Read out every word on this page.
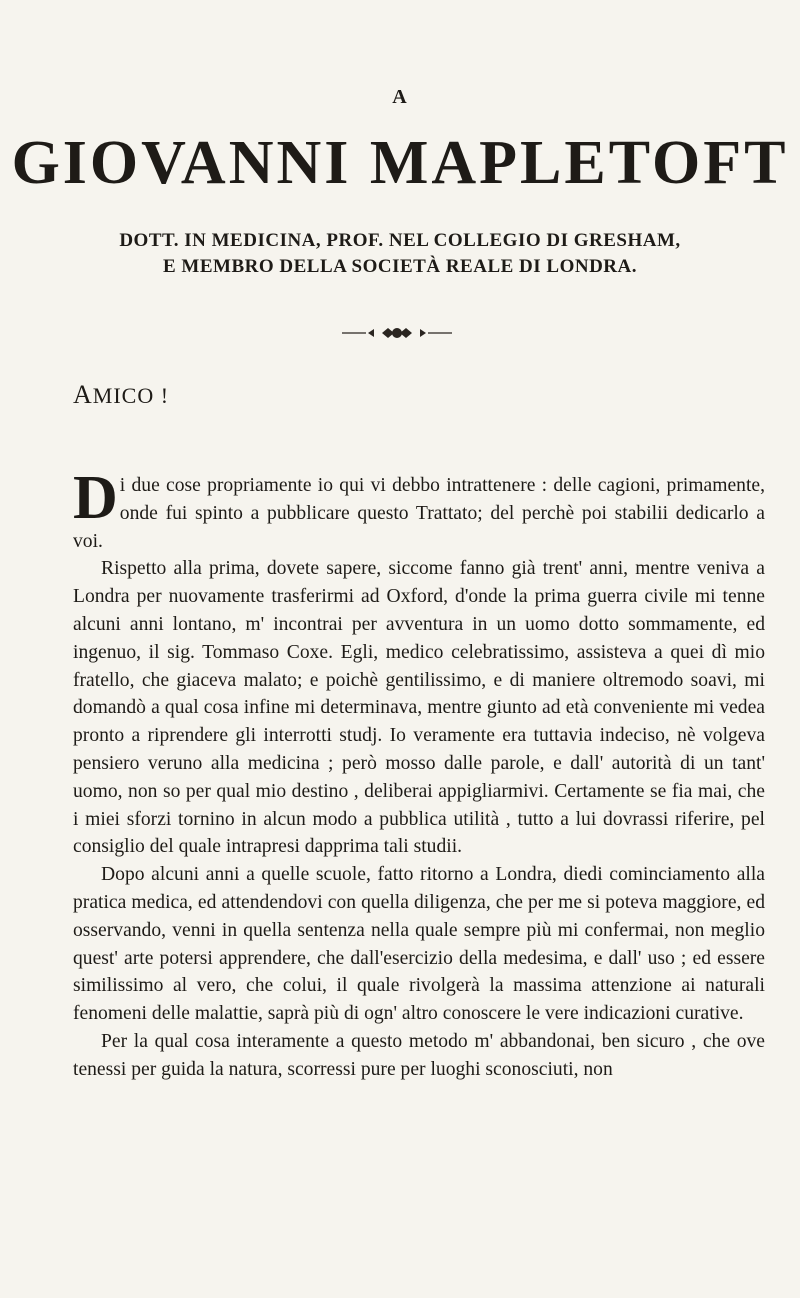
A
GIOVANNI MAPLETOFT
DOTT. IN MEDICINA, PROF. NEL COLLEGIO DI GRESHAM,
E MEMBRO DELLA SOCIETÀ REALE DI LONDRA.
AMICO !

Di due cose propriamente io qui vi debbo intrattenere : delle cagioni, primamente, onde fui spinto a pubblicare questo Trattato; del perchè poi stabilii dedicarlo a voi.

Rispetto alla prima, dovete sapere, siccome fanno già trent' anni, mentre veniva a Londra per nuovamente trasferirmi ad Oxford, d'onde la prima guerra civile mi tenne alcuni anni lontano, m' incontrai per avventura in un uomo dotto sommamente, ed ingenuo, il sig. Tommaso Coxe. Egli, medico celebratissimo, assisteva a quei dì mio fratello, che giaceva malato; e poichè gentilissimo, e di maniere oltremodo soavi, mi domandò a qual cosa infine mi determinava, mentre giunto ad età conveniente mi vedea pronto a riprendere gli interrotti studj. Io veramente era tuttavia indeciso, nè volgeva pensiero veruno alla medicina ; però mosso dalle parole, e dall' autorità di un tant' uomo, non so per qual mio destino , deliberai appigliarmivi. Certamente se fia mai, che i miei sforzi tornino in alcun modo a pubblica utilità , tutto a lui dovrassi riferire, pel consiglio del quale intrapresi dapprima tali studii.

Dopo alcuni anni a quelle scuole, fatto ritorno a Londra, diedi cominciamento alla pratica medica, ed attendendovi con quella diligenza, che per me si poteva maggiore, ed osservando, venni in quella sentenza nella quale sempre più mi confermai, non meglio quest' arte potersi apprendere, che dall'esercizio della medesima, e dall' uso ; ed essere similissimo al vero, che colui, il quale rivolgerà la massima attenzione ai naturali fenomeni delle malattie, saprà più di ogn' altro conoscere le vere indicazioni curative.

Per la qual cosa interamente a questo metodo m' abbandonai, ben sicuro , che ove tenessi per guida la natura, scorressi pure per luoghi sconosciuti, non
